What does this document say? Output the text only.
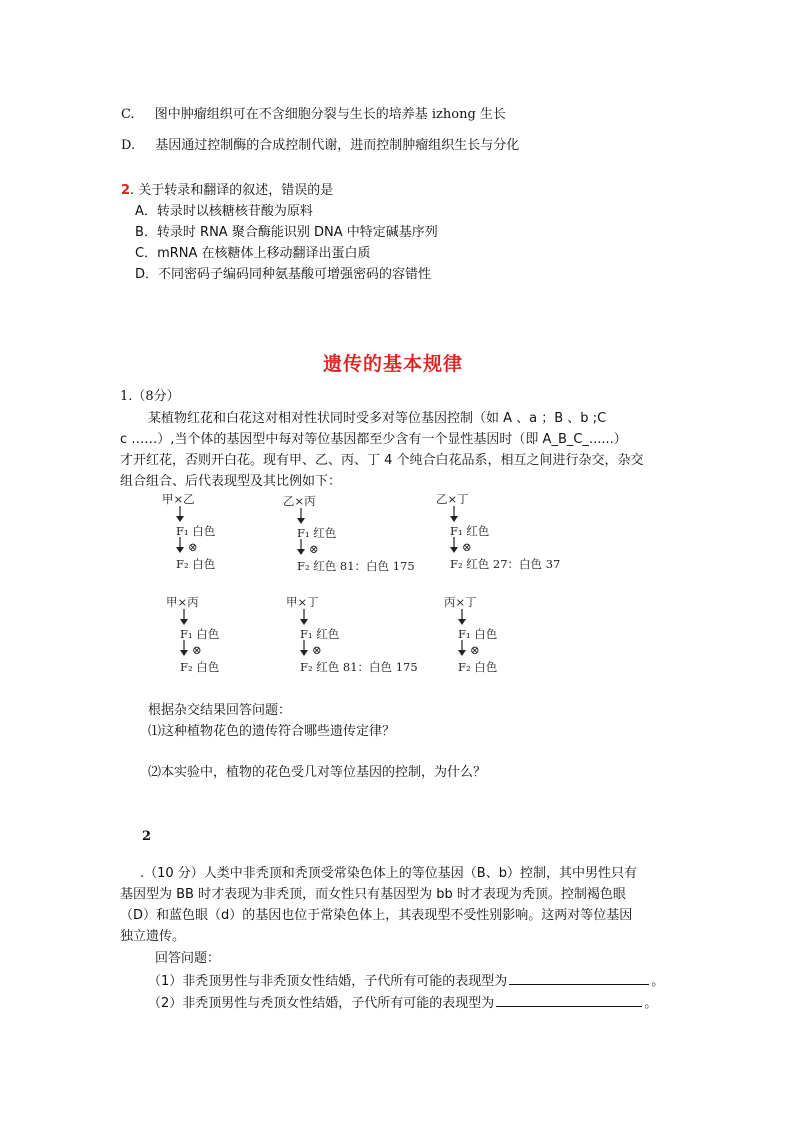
C. 图中肿瘤组织可在不含细胞分裂与生长的培养基 izhong 生长
D. 基因通过控制酶的合成控制代谢，进而控制肿瘤组织生长与分化
2. 关于转录和翻译的叙述，错误的是
A．转录时以核糖核苷酸为原料
B．转录时 RNA 聚合酶能识别 DNA 中特定碱基序列
C．mRNA 在核糖体上移动翻译出蛋白质
D．不同密码子编码同种氨基酸可增强密码的容错性
遗传的基本规律
1.（8分）
某植物红花和白花这对相对性状同时受多对等位基因控制（如 A 、a ；B 、b ;C
c ……）,当个体的基因型中每对等位基因都至少含有一个显性基因时（即 A_B_C_......）
才开红花，否则开白花。现有甲、乙、丙、丁 4 个纯合白花品系，相互之间进行杂交，杂交
组合组合、后代表现型及其比例如下：
甲×乙
F₁ 白色
⊗
F₂ 白色
乙×丙
F₁ 红色
⊗
F₂ 红色 81：白色 175
乙×丁
F₁ 红色
⊗
F₂ 红色 27：白色 37
甲×丙
F₁ 白色
⊗
F₂ 白色
甲×丁
F₁ 红色
⊗
F₂ 红色 81：白色 175
丙×丁
F₁ 白色
⊗
F₂ 白色
根据杂交结果回答问题：
⑴这种植物花色的遗传符合哪些遗传定律？
⑵本实验中，植物的花色受几对等位基因的控制，为什么？
2
.（10 分）人类中非秃顶和秃顶受常染色体上的等位基因（B、b）控制，其中男性只有
基因型为 BB 时才表现为非秃顶，而女性只有基因型为 bb 时才表现为秃顶。控制褐色眼
（D）和蓝色眼（d）的基因也位于常染色体上，其表现型不受性别影响。这两对等位基因
独立遗传。
回答问题：
（1）非秃顶男性与非秃顶女性结婚，子代所有可能的表现型为	。
（2）非秃顶男性与秃顶女性结婚，子代所有可能的表现型为	。
